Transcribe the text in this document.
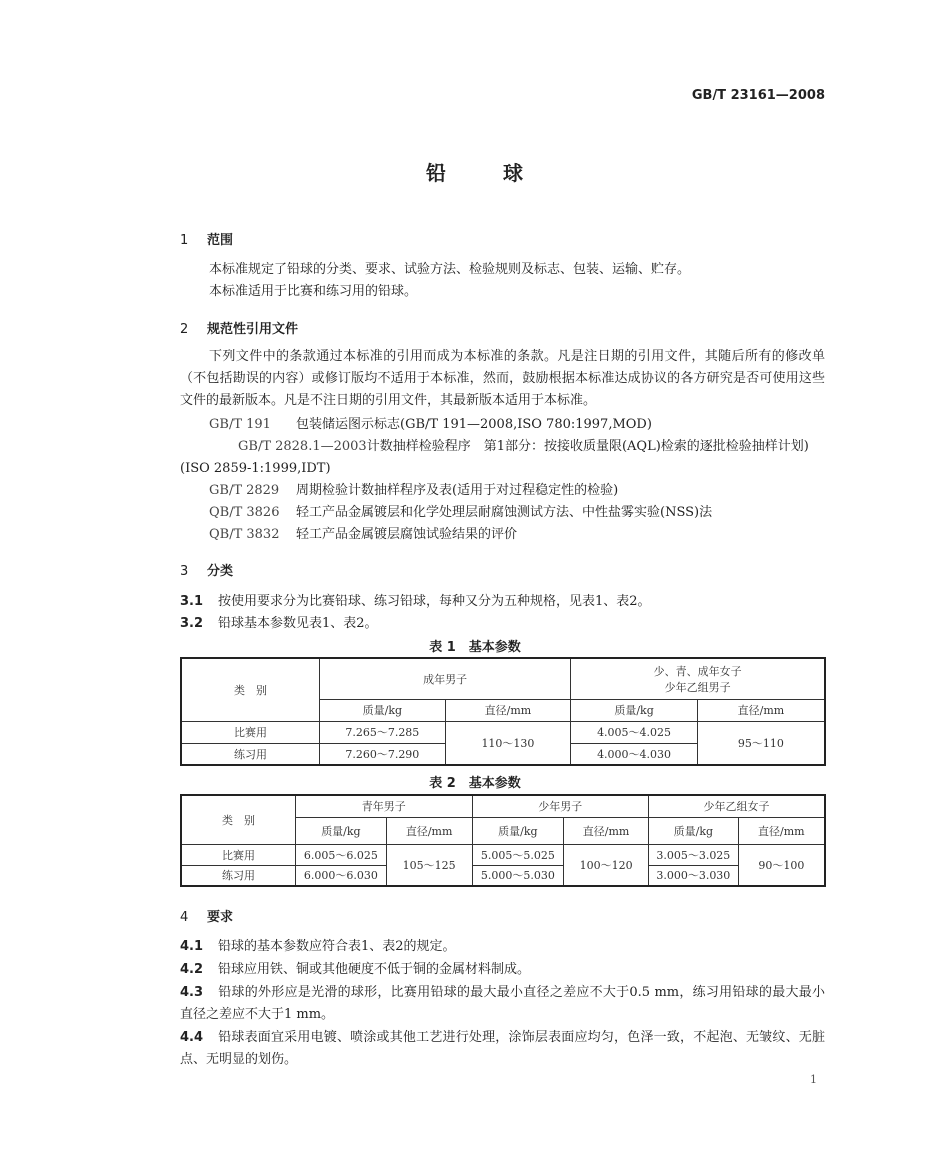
GB/T 23161—2008
铅	球
1 范围
本标准规定了铅球的分类、要求、试验方法、检验规则及标志、包装、运输、贮存。
本标准适用于比赛和练习用的铅球。
2 规范性引用文件
下列文件中的条款通过本标准的引用而成为本标准的条款。凡是注日期的引用文件，其随后所有的修改单（不包括勘误的内容）或修订版均不适用于本标准，然而，鼓励根据本标准达成协议的各方研究是否可使用这些文件的最新版本。凡是不注日期的引用文件，其最新版本适用于本标准。
GB/T 191 包装储运图示标志(GB/T 191—2008,ISO 780:1997,MOD)
GB/T 2828.1—2003计数抽样检验程序　第1部分：按接收质量限(AQL)检索的逐批检验抽样计划)(ISO 2859-1:1999,IDT)
GB/T 2829 周期检验计数抽样程序及表(适用于对过程稳定性的检验)
QB/T 3826 轻工产品金属镀层和化学处理层耐腐蚀测试方法、中性盐雾实验(NSS)法
QB/T 3832 轻工产品金属镀层腐蚀试验结果的评价
3 分类
3.1 按使用要求分为比赛铅球、练习铅球，每种又分为五种规格，见表1、表2。
3.2 铅球基本参数见表1、表2。
表 1　基本参数
类　别	成年男子		少、青、成年女子
少年乙组男子	

	质量/kg	直径/mm	质量/kg	直径/mm
比赛用	7.265～7.285	110～130	4.005～4.025	95～110
练习用	7.260～7.290		4.000～4.030	
表 2　基本参数
类　别	青年男子		少年男子		少年乙组女子	
	质量/kg	直径/mm	质量/kg	直径/mm	质量/kg	直径/mm
比赛用	6.005～6.025	105～125	5.005～5.025	100～120	3.005～3.025	90～100
练习用	6.000～6.030		5.000～5.030		3.000～3.030	
4 要求
4.1 铅球的基本参数应符合表1、表2的规定。
4.2 铅球应用铁、铜或其他硬度不低于铜的金属材料制成。
4.3 铅球的外形应是光滑的球形，比赛用铅球的最大最小直径之差应不大于0.5 mm，练习用铅球的最大最小直径之差应不大于1 mm。
4.4 铅球表面宜采用电镀、喷涂或其他工艺进行处理，涂饰层表面应均匀，色泽一致，不起泡、无皱纹、无脏点、无明显的划伤。
1
